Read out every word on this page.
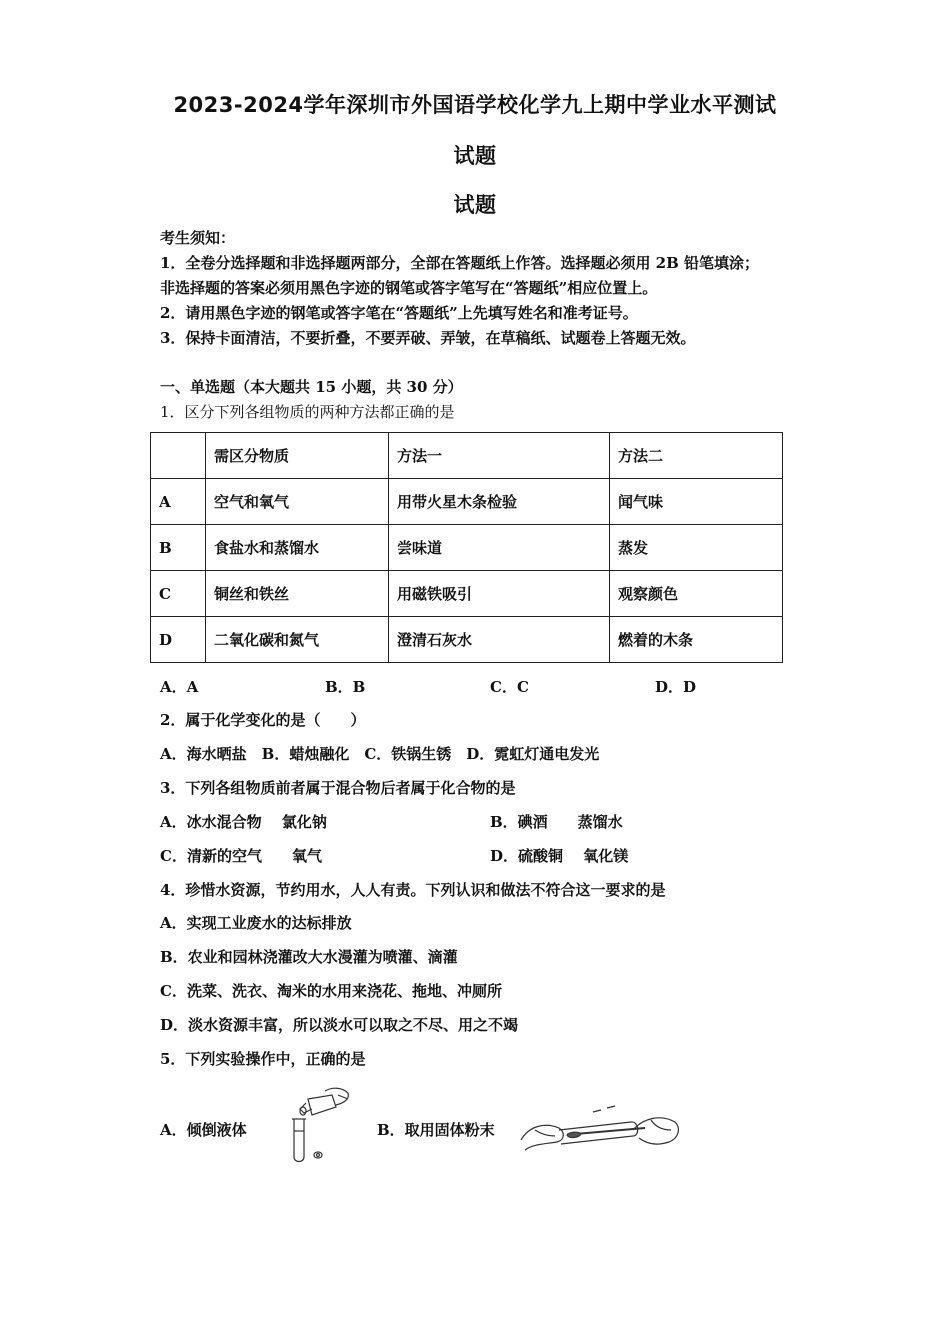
2023-2024学年深圳市外国语学校化学九上期中学业水平测试
试题
试题
考生须知：
1．全卷分选择题和非选择题两部分，全部在答题纸上作答。选择题必须用 2B 铅笔填涂；
非选择题的答案必须用黑色字迹的钢笔或答字笔写在“答题纸”相应位置上。
2．请用黑色字迹的钢笔或答字笔在“答题纸”上先填写姓名和准考证号。
3．保持卡面清洁，不要折叠，不要弄破、弄皱，在草稿纸、试题卷上答题无效。
一、单选题（本大题共 15 小题，共 30 分）
1．区分下列各组物质的两种方法都正确的是
	需区分物质	方法一	方法二
A	空气和氧气	用带火星木条检验	闻气味
B	食盐水和蒸馏水	尝味道	蒸发
C	铜丝和铁丝	用磁铁吸引	观察颜色
D	二氧化碳和氮气	澄清石灰水	燃着的木条
A．A	B．B	C．C	D．D
2．属于化学变化的是（　　）
A．海水晒盐　B．蜡烛融化　C．铁锅生锈　D．霓虹灯通电发光
3．下列各组物质前者属于混合物后者属于化合物的是
A．冰水混合物　 氯化钠	B．碘酒　　蒸馏水
C．清新的空气　　氧气	D．硫酸铜　 氧化镁
4．珍惜水资源，节约用水，人人有责。下列认识和做法不符合这一要求的是
A．实现工业废水的达标排放
B．农业和园林浇灌改大水漫灌为喷灌、滴灌
C．洗菜、洗衣、淘米的水用来浇花、拖地、冲厕所
D．淡水资源丰富，所以淡水可以取之不尽、用之不竭
5．下列实验操作中，正确的是
A．倾倒液体	B．取用固体粉末
